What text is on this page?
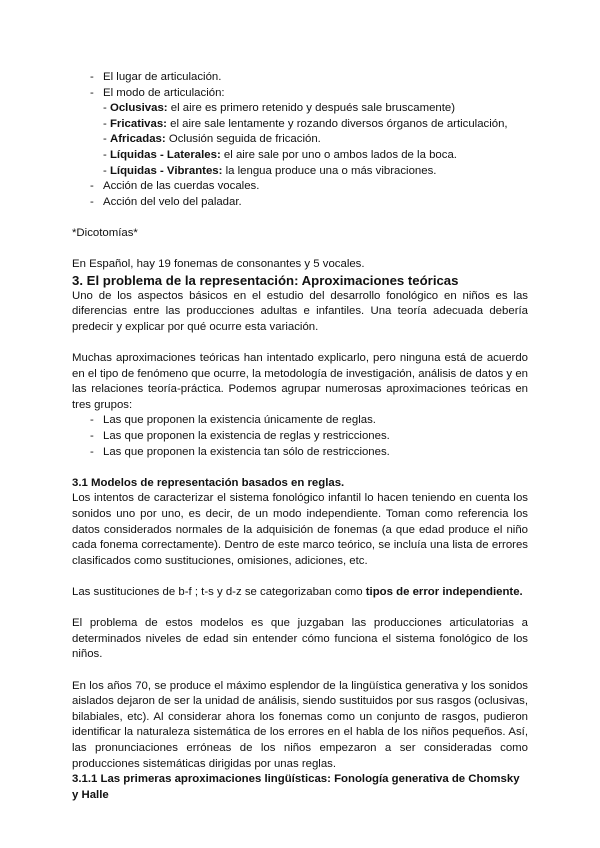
- El lugar de articulación.
- El modo de articulación:
- Oclusivas: el aire es primero retenido y después sale bruscamente)
- Fricativas: el aire sale lentamente y rozando diversos órganos de articulación,
- Africadas: Oclusión seguida de fricación.
- Líquidas - Laterales: el aire sale por uno o ambos lados de la boca.
- Líquidas - Vibrantes: la lengua produce una o más vibraciones.
- Acción de las cuerdas vocales.
- Acción del velo del paladar.

*Dicotomías*

En Español, hay 19 fonemas de consonantes y 5 vocales.

3. El problema de la representación: Aproximaciones teóricas

Uno de los aspectos básicos en el estudio del desarrollo fonológico en niños es las diferencias entre las producciones adultas e infantiles. Una teoría adecuada debería predecir y explicar por qué ocurre esta variación.

Muchas aproximaciones teóricas han intentado explicarlo, pero ninguna está de acuerdo en el tipo de fenómeno que ocurre, la metodología de investigación, análisis de datos y en las relaciones teoría-práctica. Podemos agrupar numerosas aproximaciones teóricas en tres grupos:

- Las que proponen la existencia únicamente de reglas.
- Las que proponen la existencia de reglas y restricciones.
- Las que proponen la existencia tan sólo de restricciones.
3.1 Modelos de representación basados en reglas.

Los intentos de caracterizar el sistema fonológico infantil lo hacen teniendo en cuenta los sonidos uno por uno, es decir, de un modo independiente. Toman como referencia los datos considerados normales de la adquisición de fonemas (a que edad produce el niño cada fonema correctamente). Dentro de este marco teórico, se incluía una lista de errores clasificados como sustituciones, omisiones, adiciones, etc.

Las sustituciones de b-f ; t-s y d-z se categorizaban como tipos de error independiente.

El problema de estos modelos es que juzgaban las producciones articulatorias a determinados niveles de edad sin entender cómo funciona el sistema fonológico de los niños.

En los años 70, se produce el máximo esplendor de la lingüística generativa y los sonidos aislados dejaron de ser la unidad de análisis, siendo sustituidos por sus rasgos (oclusivas, bilabiales, etc). Al considerar ahora los fonemas como un conjunto de rasgos, pudieron identificar la naturaleza sistemática de los errores en el habla de los niños pequeños. Así, las pronunciaciones erróneas de los niños empezaron a ser consideradas como producciones sistemáticas dirigidas por unas reglas.

3.1.1 Las primeras aproximaciones lingüísticas: Fonología generativa de Chomsky y Halle
